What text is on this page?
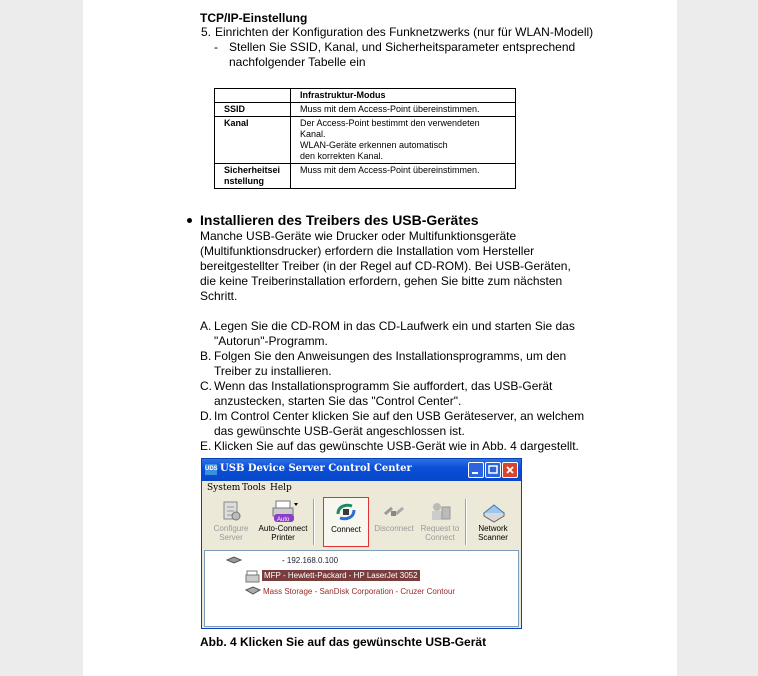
TCP/IP-Einstellung
5. Einrichten der Konfiguration des Funknetzwerks (nur für WLAN-Modell)
- Stellen Sie SSID, Kanal, und Sicherheitsparameter entsprechend
nachfolgender Tabelle ein
	Infrastruktur-Modus
SSID	Muss mit dem Access-Point übereinstimmen.
Kanal	Der Access-Point bestimmt den verwendeten
Kanal.
WLAN-Geräte erkennen automatisch
den korrekten Kanal.

Sicherheitsei
nstellung	Muss mit dem Access-Point übereinstimmen.
Installieren des Treibers des USB-Gerätes
Manche USB-Geräte wie Drucker oder Multifunktionsgeräte
(Multifunktionsdrucker) erfordern die Installation vom Hersteller
bereitgestellter Treiber (in der Regel auf CD-ROM). Bei USB-Geräten,
die keine Treiberinstallation erfordern, gehen Sie bitte zum nächsten
Schritt.
A. Legen Sie die CD-ROM in das CD-Laufwerk ein und starten Sie das
"Autorun"-Programm.
B. Folgen Sie den Anweisungen des Installationsprogramms, um den
Treiber zu installieren.
C. Wenn das Installationsprogramm Sie auffordert, das USB-Gerät
anzustecken, starten Sie das "Control Center".
D. Im Control Center klicken Sie auf den USB Geräteserver, an welchem
das gewünschte USB-Gerät angeschlossen ist.
E. Klicken Sie auf das gewünschte USB-Gerät wie in Abb. 4 dargestellt.
UDS USB Device Server Control Center
System Tools Help
Configure
Server
Auto
Auto-Connect
Printer
Connect	Disconnect Request to
Connect
Network
Scanner
- 192.168.0.100
MFP - Hewlett-Packard - HP LaserJet 3052
Mass Storage - SanDisk Corporation - Cruzer Contour
Abb. 4 Klicken Sie auf das gewünschte USB-Gerät
